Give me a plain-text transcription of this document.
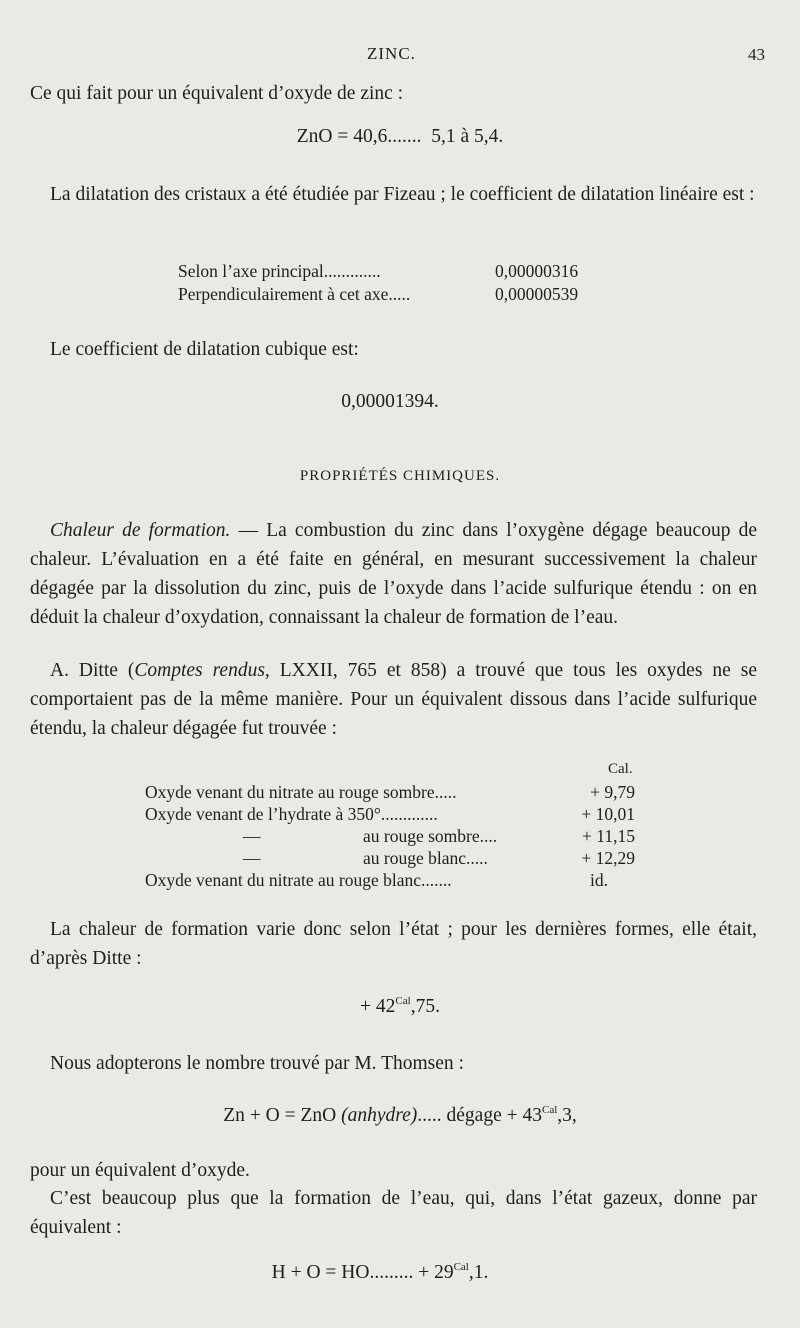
ZINC.	43
Ce qui fait pour un équivalent d’oxyde de zinc :
ZnO = 40,6....... 5,1 à 5,4.
La dilatation des cristaux a été étudiée par Fizeau ; le coefficient de dilatation linéaire est :
Selon l’axe principal.............	0,00000316
Perpendiculairement à cet axe.....	0,00000539
Le coefficient de dilatation cubique est:
0,00001394.
PROPRIÉTÉS CHIMIQUES.
Chaleur de formation. — La combustion du zinc dans l’oxygène dégage beaucoup de chaleur. L’évaluation en a été faite en général, en mesurant successivement la chaleur dégagée par la dissolution du zinc, puis de l’oxyde dans l’acide sulfurique étendu : on en déduit la chaleur d’oxydation, connaissant la chaleur de formation de l’eau.
A. Ditte (Comptes rendus, LXXII, 765 et 858) a trouvé que tous les oxydes ne se comportaient pas de la même manière. Pour un équivalent dissous dans l’acide sulfurique étendu, la chaleur dégagée fut trouvée :
Cal.
Oxyde venant du nitrate au rouge sombre.....	+ 9,79
Oxyde venant de l’hydrate à 350°.............	+ 10,01
—	au rouge sombre....	+ 11,15
—	au rouge blanc.....	+ 12,29
Oxyde venant du nitrate au rouge blanc.......	id.
La chaleur de formation varie donc selon l’état ; pour les dernières formes, elle était, d’après Ditte :
+ $42^{Cal},75$.
Nous adopterons le nombre trouvé par M. Thomsen :
Zn + O = ZnO (anhydre)..... dégage + $43^{Cal},3$,
pour un équivalent d’oxyde.
C’est beaucoup plus que la formation de l’eau, qui, dans l’état gazeux, donne par équivalent :
H + O = HO......... + $29^{Cal},1$.
